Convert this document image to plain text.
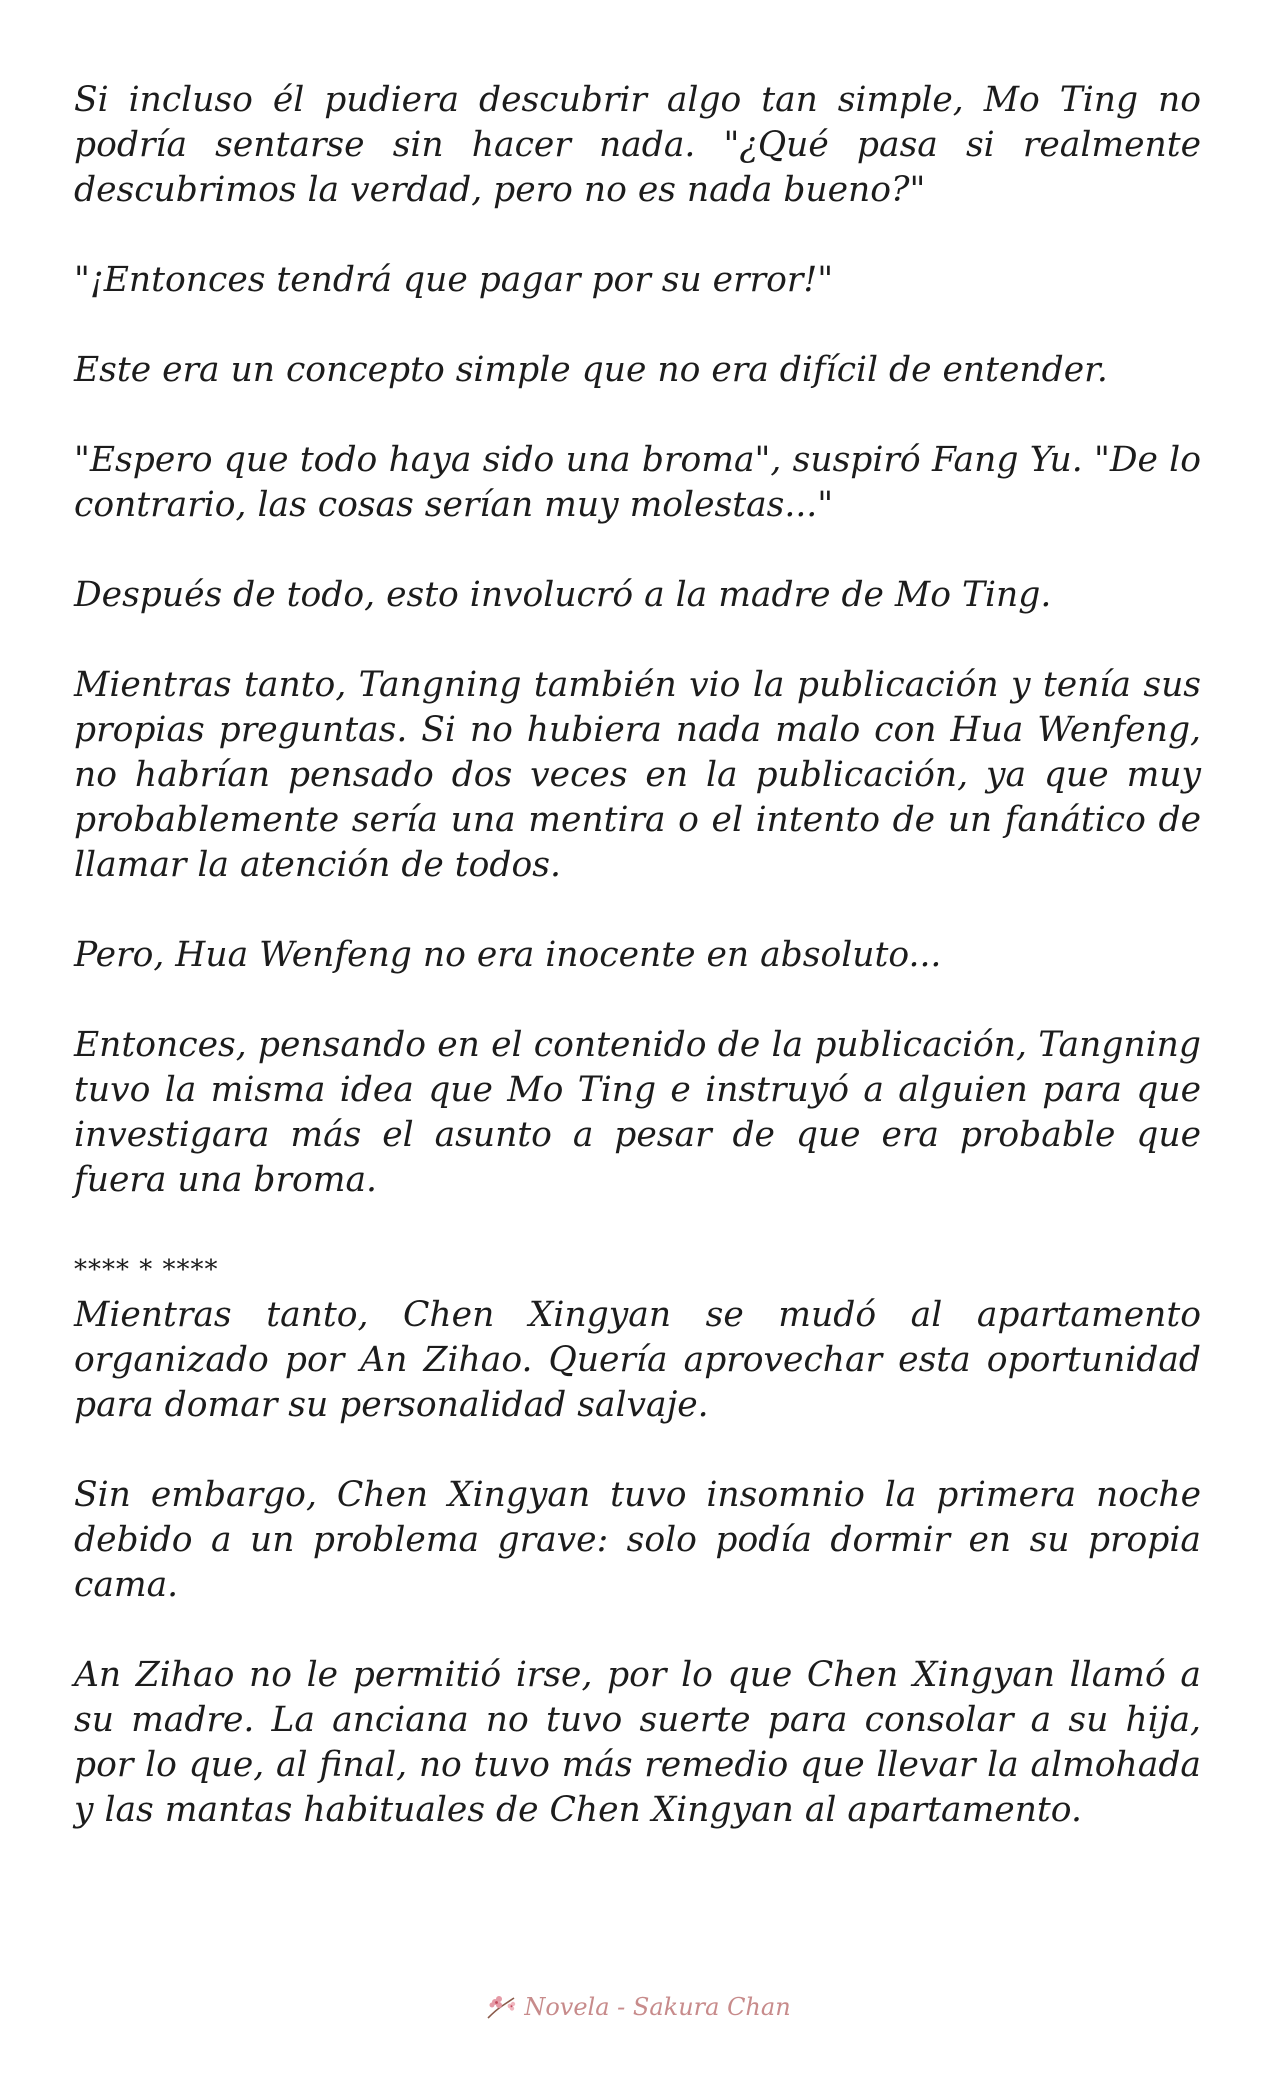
Si incluso él pudiera descubrir algo tan simple, Mo Ting no podría sentarse sin hacer nada. "¿Qué pasa si realmente descubrimos la verdad, pero no es nada bueno?"

"¡Entonces tendrá que pagar por su error!"

Este era un concepto simple que no era difícil de entender.

"Espero que todo haya sido una broma", suspiró Fang Yu. "De lo contrario, las cosas serían muy molestas..."

Después de todo, esto involucró a la madre de Mo Ting.

Mientras tanto, Tangning también vio la publicación y tenía sus propias preguntas. Si no hubiera nada malo con Hua Wenfeng, no habrían pensado dos veces en la publicación, ya que muy probablemente sería una mentira o el intento de un fanático de llamar la atención de todos.

Pero, Hua Wenfeng no era inocente en absoluto...

Entonces, pensando en el contenido de la publicación, Tangning tuvo la misma idea que Mo Ting e instruyó a alguien para que investigara más el asunto a pesar de que era probable que fuera una broma.

**** * ****

Mientras tanto, Chen Xingyan se mudó al apartamento organizado por An Zihao. Quería aprovechar esta oportunidad para domar su personalidad salvaje.

Sin embargo, Chen Xingyan tuvo insomnio la primera noche debido a un problema grave: solo podía dormir en su propia cama.

An Zihao no le permitió irse, por lo que Chen Xingyan llamó a su madre. La anciana no tuvo suerte para consolar a su hija, por lo que, al final, no tuvo más remedio que llevar la almohada y las mantas habituales de Chen Xingyan al apartamento.

Novela - Sakura Chan
